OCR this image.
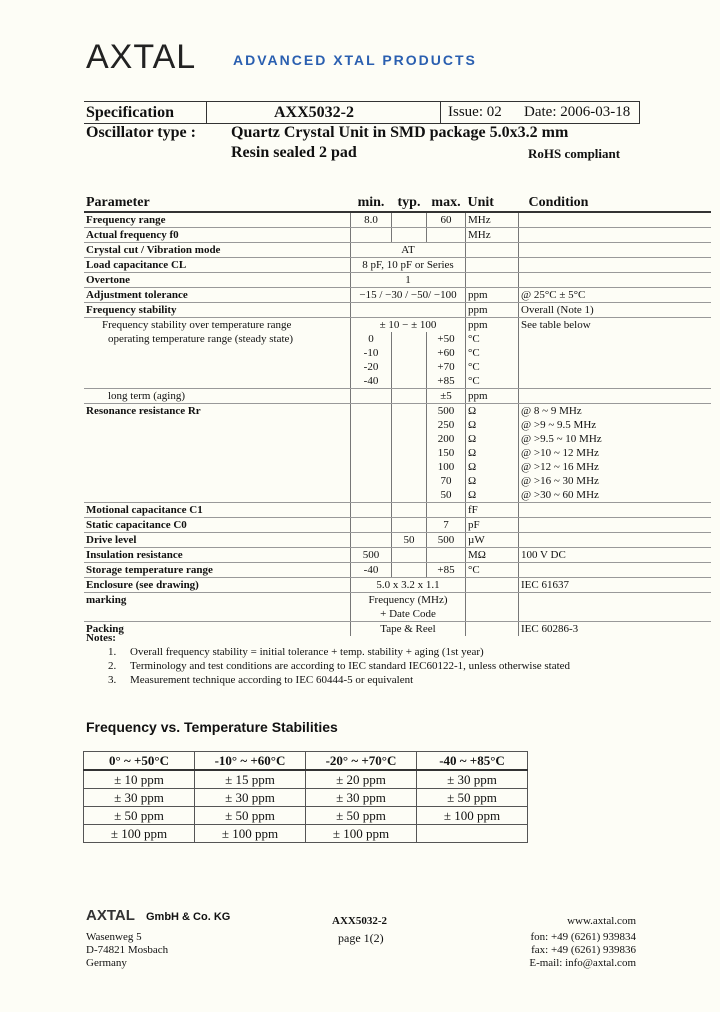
AXTAL	ADVANCED XTAL PRODUCTS
Specification	AXX5032-2	Issue: 02 Date: 2006-03-18
Oscillator type : Quartz Crystal Unit in SMD package 5.0x3.2 mm
Resin sealed 2 pad	RoHS compliant
Parameter	min.	typ.	max.	Unit	Condition
Frequency range	8.0		60	MHz	
Actual frequency f0				MHz	
Crystal cut / Vibration mode	AT				
Load capacitance CL	8 pF, 10 pF or Series				
Overtone	1				
Adjustment tolerance	−15 / −30 / −50/ −100			ppm	@ 25°C ± 5°C
Frequency stability				ppm	Overall (Note 1)
Frequency stability over temperature range	± 10 − ± 100			ppm	See table below
operating temperature range (steady state)	0		+50	°C	
	-10		+60	°C	
	-20		+70	°C	
	-40		+85	°C	
long term (aging)			±5	ppm	
Resonance resistance Rr			500	Ω	@ 8 ~ 9 MHz
			250	Ω	@ >9 ~ 9.5 MHz
			200	Ω	@ >9.5 ~ 10 MHz
			150	Ω	@ >10 ~ 12 MHz
			100	Ω	@ >12 ~ 16 MHz
			70	Ω	@ >16 ~ 30 MHz
			50	Ω	@ >30 ~ 60 MHz
Motional capacitance C1				fF	
Static capacitance C0			7	pF	
Drive level		50	500	µW	
Insulation resistance	500			MΩ	100 V DC
Storage temperature range	-40		+85	°C	
Enclosure (see drawing)	5.0 x 3.2 x 1.1				IEC 61637
marking	Frequency (MHz)				
	+ Date Code				
Packing	Tape & Reel				IEC 60286-3
Notes:
1. Overall frequency stability = initial tolerance + temp. stability + aging (1st year)
2. Terminology and test conditions are according to IEC standard IEC60122-1, unless otherwise stated
3. Measurement technique according to IEC 60444-5 or equivalent
Frequency vs. Temperature Stabilities
0° ~ +50°C	-10° ~ +60°C	-20° ~ +70°C	-40 ~ +85°C
± 10 ppm	± 15 ppm	± 20 ppm	± 30 ppm
± 30 ppm	± 30 ppm	± 30 ppm	± 50 ppm
± 50 ppm	± 50 ppm	± 50 ppm	± 100 ppm
± 100 ppm	± 100 ppm	± 100 ppm	
AXTAL GmbH & Co. KG
Wasenweg 5
D-74821 Mosbach
Germany
AXX5032-2
page 1(2)
www.axtal.com
fon: +49 (6261) 939834
fax: +49 (6261) 939836
E-mail: info@axtal.com
